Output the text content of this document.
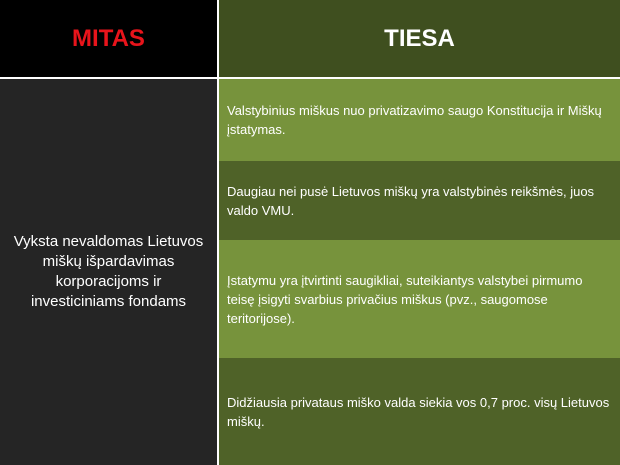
MITAS	TIESA
Vyksta nevaldomas Lietuvos miškų išpardavimas korporacijoms ir investiciniams fondams
Valstybinius miškus nuo privatizavimo saugo Konstitucija ir Miškų įstatymas.
Daugiau nei pusė Lietuvos miškų yra valstybinės reikšmės, juos valdo VMU.
Įstatymu yra įtvirtinti saugikliai, suteikiantys valstybei pirmumo teisę įsigyti svarbius privačius miškus (pvz., saugomose teritorijose).
Didžiausia privataus miško valda siekia vos 0,7 proc. visų Lietuvos miškų.
